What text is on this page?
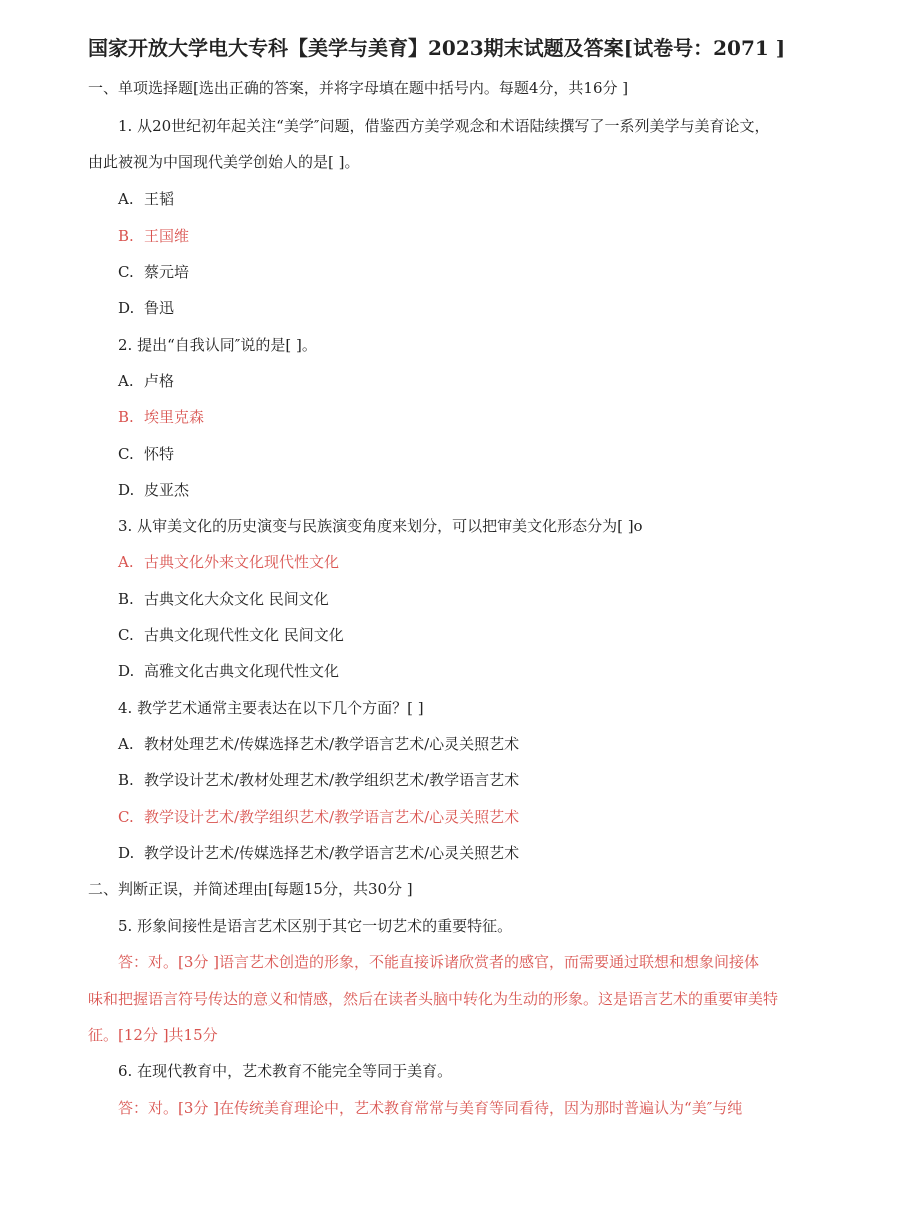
国家开放大学电大专科【美学与美育】2023期末试题及答案[试卷号：2071 ]
一、单项选择题[选出正确的答案，并将字母填在题中括号内。每题4分，共16分 ]
1. 从20世纪初年起关注“美学″问题，借鉴西方美学观念和术语陆续撰写了一系列美学与美育论文，
由此被视为中国现代美学创始人的是[ ]。
A. 王韬
B. 王国维
C. 蔡元培
D. 鲁迅
2. 提出“自我认同″说的是[ ]。
A. 卢格
B. 埃里克森
C. 怀特
D. 皮亚杰
3. 从审美文化的历史演变与民族演变角度来划分，可以把审美文化形态分为[ ]o
A. 古典文化外来文化现代性文化
B. 古典文化大众文化 民间文化
C. 古典文化现代性文化 民间文化
D. 高雅文化古典文化现代性文化
4. 教学艺术通常主要表达在以下几个方面？[ ]
A. 教材处理艺术/传媒选择艺术/教学语言艺术/心灵关照艺术
B. 教学设计艺术/教材处理艺术/教学组织艺术/教学语言艺术
C. 教学设计艺术/教学组织艺术/教学语言艺术/心灵关照艺术
D. 教学设计艺术/传媒选择艺术/教学语言艺术/心灵关照艺术
二、判断正误，并简述理由[每题15分，共30分 ]
5. 形象间接性是语言艺术区别于其它一切艺术的重要特征。
答：对。[3分 ]语言艺术创造的形象，不能直接诉诸欣赏者的感官，而需要通过联想和想象间接体
味和把握语言符号传达的意义和情感，然后在读者头脑中转化为生动的形象。这是语言艺术的重要审美特
征。[12分 ]共15分
6. 在现代教育中，艺术教育不能完全等同于美育。
答：对。[3分 ]在传统美育理论中，艺术教育常常与美育等同看待，因为那时普遍认为“美″与纯
